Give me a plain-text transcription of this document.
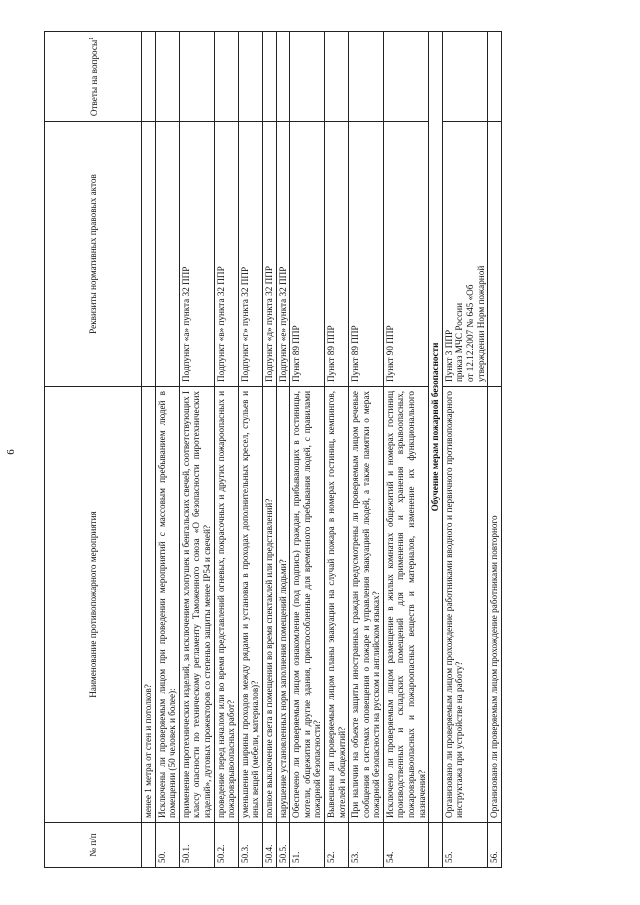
6
№ п/п	Наименование противопожарного мероприятия	Реквизиты нормативных правовых актов	Ответы на вопросы$^1$
	менее 1 метра от стен и потолков?		
50.	Исключены ли проверяемым лицом при проведении мероприятий с массовым пребыванием людей в помещении (50 человек и более):		
50.1.	применение пиротехнических изделий, за исключением хлопушек и бенгальских свечей, соответствующих I классу опасности по техническому регламенту Таможенного союза «О безопасности пиротехнических изделий», дуговых прожекторов со степенью защиты менее IP54 и свечей?	Подпункт «а» пункта 32 ППР	
50.2.	проведение перед началом или во время представлений огневых, покрасочных и других пожароопасных и пожаровзрывоопасных работ?	Подпункт «в» пункта 32 ППР	
50.3.	уменьшение ширины проходов между рядами и установка в проходах дополнительных кресел, стульев и иных вещей (мебели, материалов)?	Подпункт «г» пункта 32 ППР	
50.4.	полное выключение света в помещении во время спектаклей или представлений?	Подпункт «д» пункта 32 ППР	
50.5.	нарушение установленных норм заполнения помещений людьми?	Подпункт «е» пункта 32 ППР	
51.	Обеспечено ли проверяемым лицом ознакомление (под подпись) граждан, прибывающих в гостиницы, мотели, общежития и другие здания, приспособленные для временного пребывания людей, с правилами пожарной безопасности?	Пункт 89 ППР	
52.	Вывешены ли проверяемым лицом планы эвакуации на случай пожара в номерах гостиниц, кемпингов, мотелей и общежитий?	Пункт 89 ППР	
53.	При наличии на объекте защиты иностранных граждан предусмотрены ли проверяемым лицом речевые сообщения в системах оповещения о пожаре и управления эвакуацией людей, а также памятки о мерах пожарной безопасности на русском и английском языках?	Пункт 89 ППР	
54.	Исключено ли проверяемым лицом размещение в жилых комнатах общежитий и номерах гостиниц производственных и складских помещений для применения и хранения взрывоопасных, пожаровзрывоопасных и пожароопасных веществ и материалов, изменение их функционального назначения?	Пункт 90 ППР	
	Обучение мерам пожарной безопасности		
55.	Организовано ли проверяемым лицом прохождение работниками вводного и первичного противопожарного инструктажа при устройстве на работу?	Пункт 3 ППР
приказ МЧС России
от 12.12.2007 № 645 «Об
утверждении Норм пожарной	
56.	Организовано ли проверяемым лицом прохождение работниками повторного		
